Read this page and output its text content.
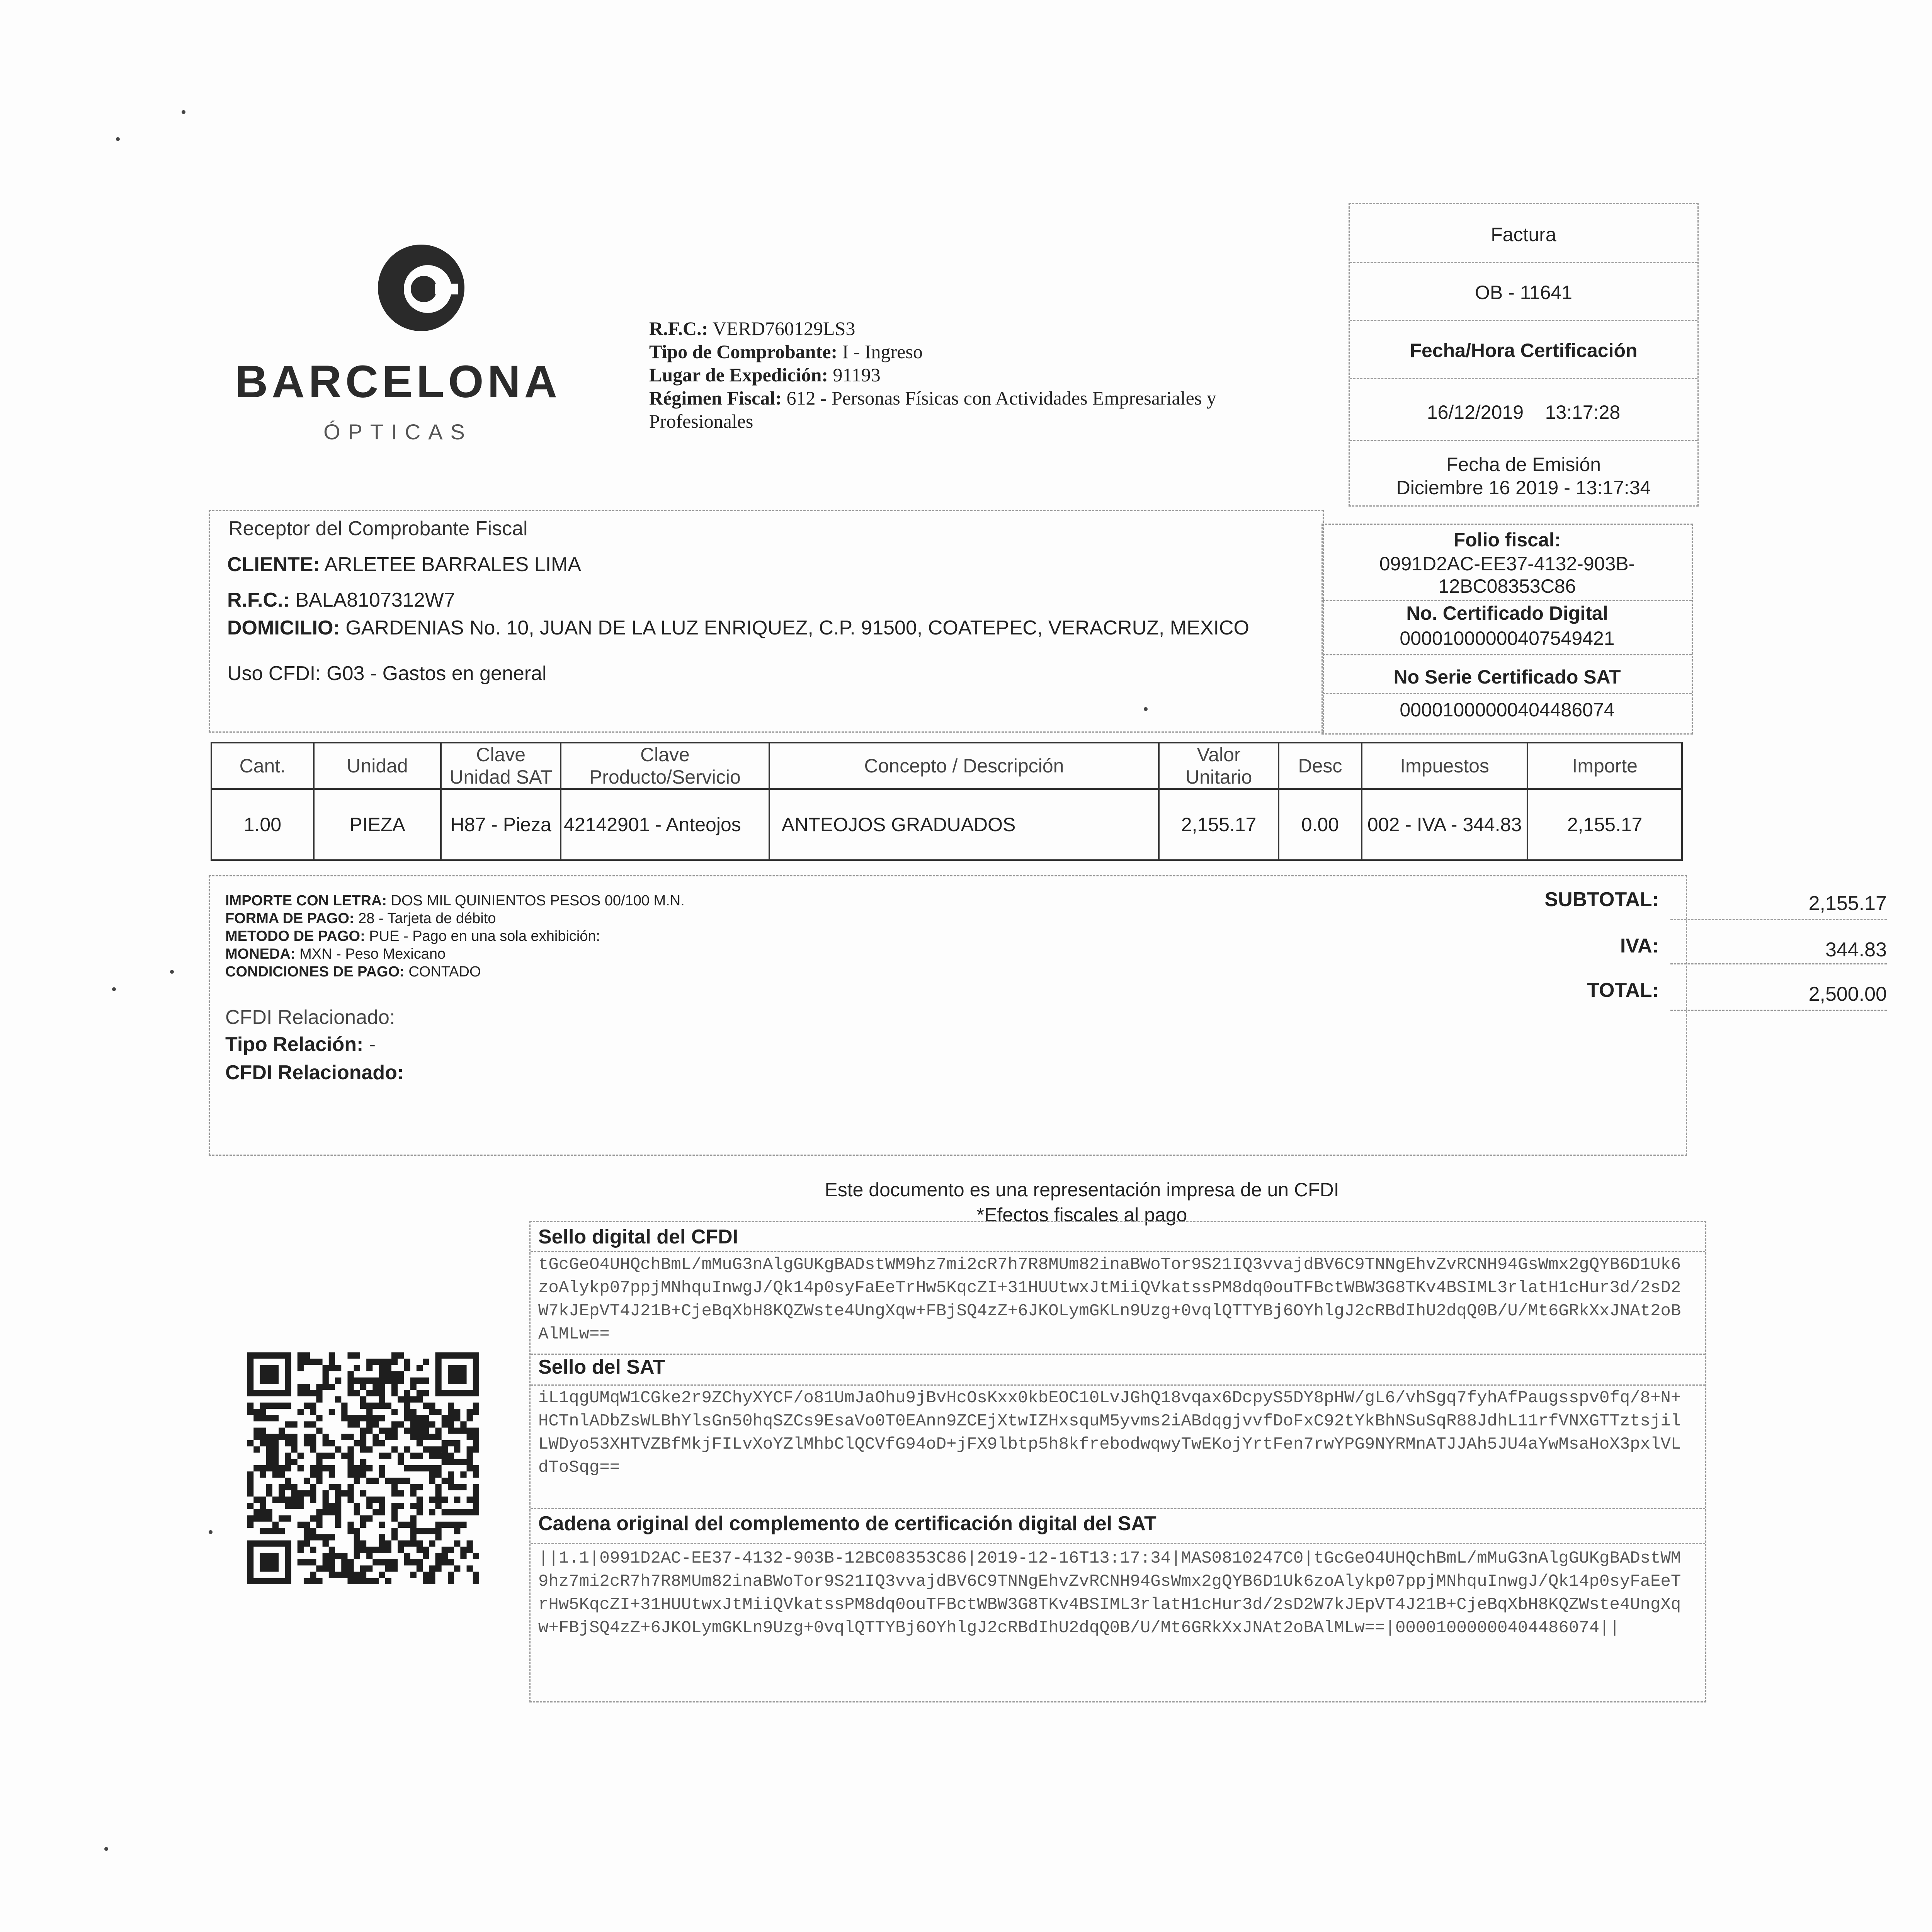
BARCELONA
ÓPTICAS
R.F.C.: VERD760129LS3
Tipo de Comprobante: I - Ingreso
Lugar de Expedición: 91193
Régimen Fiscal: 612 - Personas Físicas con Actividades Empresariales y Profesionales
Factura
OB - 11641
Fecha/Hora Certificación
16/12/2019 13:17:28
Fecha de Emisión
Diciembre 16 2019 - 13:17:34
Receptor del Comprobante Fiscal
CLIENTE: ARLETEE BARRALES LIMA
R.F.C.: BALA8107312W7
DOMICILIO: GARDENIAS No. 10, JUAN DE LA LUZ ENRIQUEZ, C.P. 91500, COATEPEC, VERACRUZ, MEXICO
Uso CFDI: G03 - Gastos en general
Folio fiscal:
0991D2AC-EE37-4132-903B-
12BC08353C86
No. Certificado Digital
00001000000407549421
No Serie Certificado SAT
00001000000404486074
Cant.	Unidad	Clave Unidad SAT	Clave Producto/Servicio	Concepto / Descripción	Valor Unitario	Desc	Impuestos	Importe
1.00	PIEZA	H87 - Pieza	42142901 - Anteojos	ANTEOJOS GRADUADOS	2,155.17	0.00	002 - IVA - 344.83	2,155.17
IMPORTE CON LETRA: DOS MIL QUINIENTOS PESOS 00/100 M.N.
FORMA DE PAGO: 28 - Tarjeta de débito
METODO DE PAGO: PUE - Pago en una sola exhibición:
MONEDA: MXN - Peso Mexicano
CONDICIONES DE PAGO: CONTADO
CFDI Relacionado:
Tipo Relación: -
CFDI Relacionado:
SUBTOTAL:	2,155.17
IVA:	344.83
TOTAL:	2,500.00
Este documento es una representación impresa de un CFDI
*Efectos fiscales al pago
Sello digital del CFDI
tGcGeO4UHQchBmL/mMuG3nAlgGUKgBADstWM9hz7mi2cR7h7R8MUm82inaBWoTor9S21IQ3vvajdBV6C9TNNgEhvZvRCNH94GsWmx2gQYB6D1Uk6zoAlykp07ppjMNhquInwgJ/Qk14p0syFaEeTrHw5KqcZI+31HUUtwxJtMiiQVkatssPM8dq0ouTFBctWBW3G8TKv4BSIML3rlatH1cHur3d/2sD2W7kJEpVT4J21B+CjeBqXbH8KQZWste4UngXqw+FBjSQ4zZ+6JKOLymGKLn9Uzg+0vqlQTTYBj6OYhlgJ2cRBdIhU2dqQ0B/U/Mt6GRkXxJNAt2oBAlMLw==
Sello del SAT
iL1qgUMqW1CGke2r9ZChyXYCF/o81UmJaOhu9jBvHcOsKxx0kbEOC10LvJGhQ18vqax6DcpyS5DY8pHW/gL6/vhSgq7fyhAfPaugsspv0fq/8+N+HCTnlADbZsWLBhYlsGn50hqSZCs9EsaVo0T0EAnn9ZCEjXtwIZHxsquM5yvms2iABdqgjvvfDoFxC92tYkBhNSuSqR88JdhL11rfVNXGTTztsjilLWDyo53XHTVZBfMkjFILvXoYZlMhbClQCVfG94oD+jFX9lbtp5h8kfrebodwqwyTwEKojYrtFen7rwYPG9NYRMnATJJAh5JU4aYwMsaHoX3pxlVLdToSqg==
Cadena original del complemento de certificación digital del SAT
||1.1|0991D2AC-EE37-4132-903B-12BC08353C86|2019-12-16T13:17:34|MAS0810247C0|tGcGeO4UHQchBmL/mMuG3nAlgGUKgBADstWM9hz7mi2cR7h7R8MUm82inaBWoTor9S21IQ3vvajdBV6C9TNNgEhvZvRCNH94GsWmx2gQYB6D1Uk6zoAlykp07ppjMNhquInwgJ/Qk14p0syFaEeTrHw5KqcZI+31HUUtwxJtMiiQVkatssPM8dq0ouTFBctWBW3G8TKv4BSIML3rlatH1cHur3d/2sD2W7kJEpVT4J21B+CjeBqXbH8KQZWste4UngXqw+FBjSQ4zZ+6JKOLymGKLn9Uzg+0vqlQTTYBj6OYhlgJ2cRBdIhU2dqQ0B/U/Mt6GRkXxJNAt2oBAlMLw==|00001000000404486074||
